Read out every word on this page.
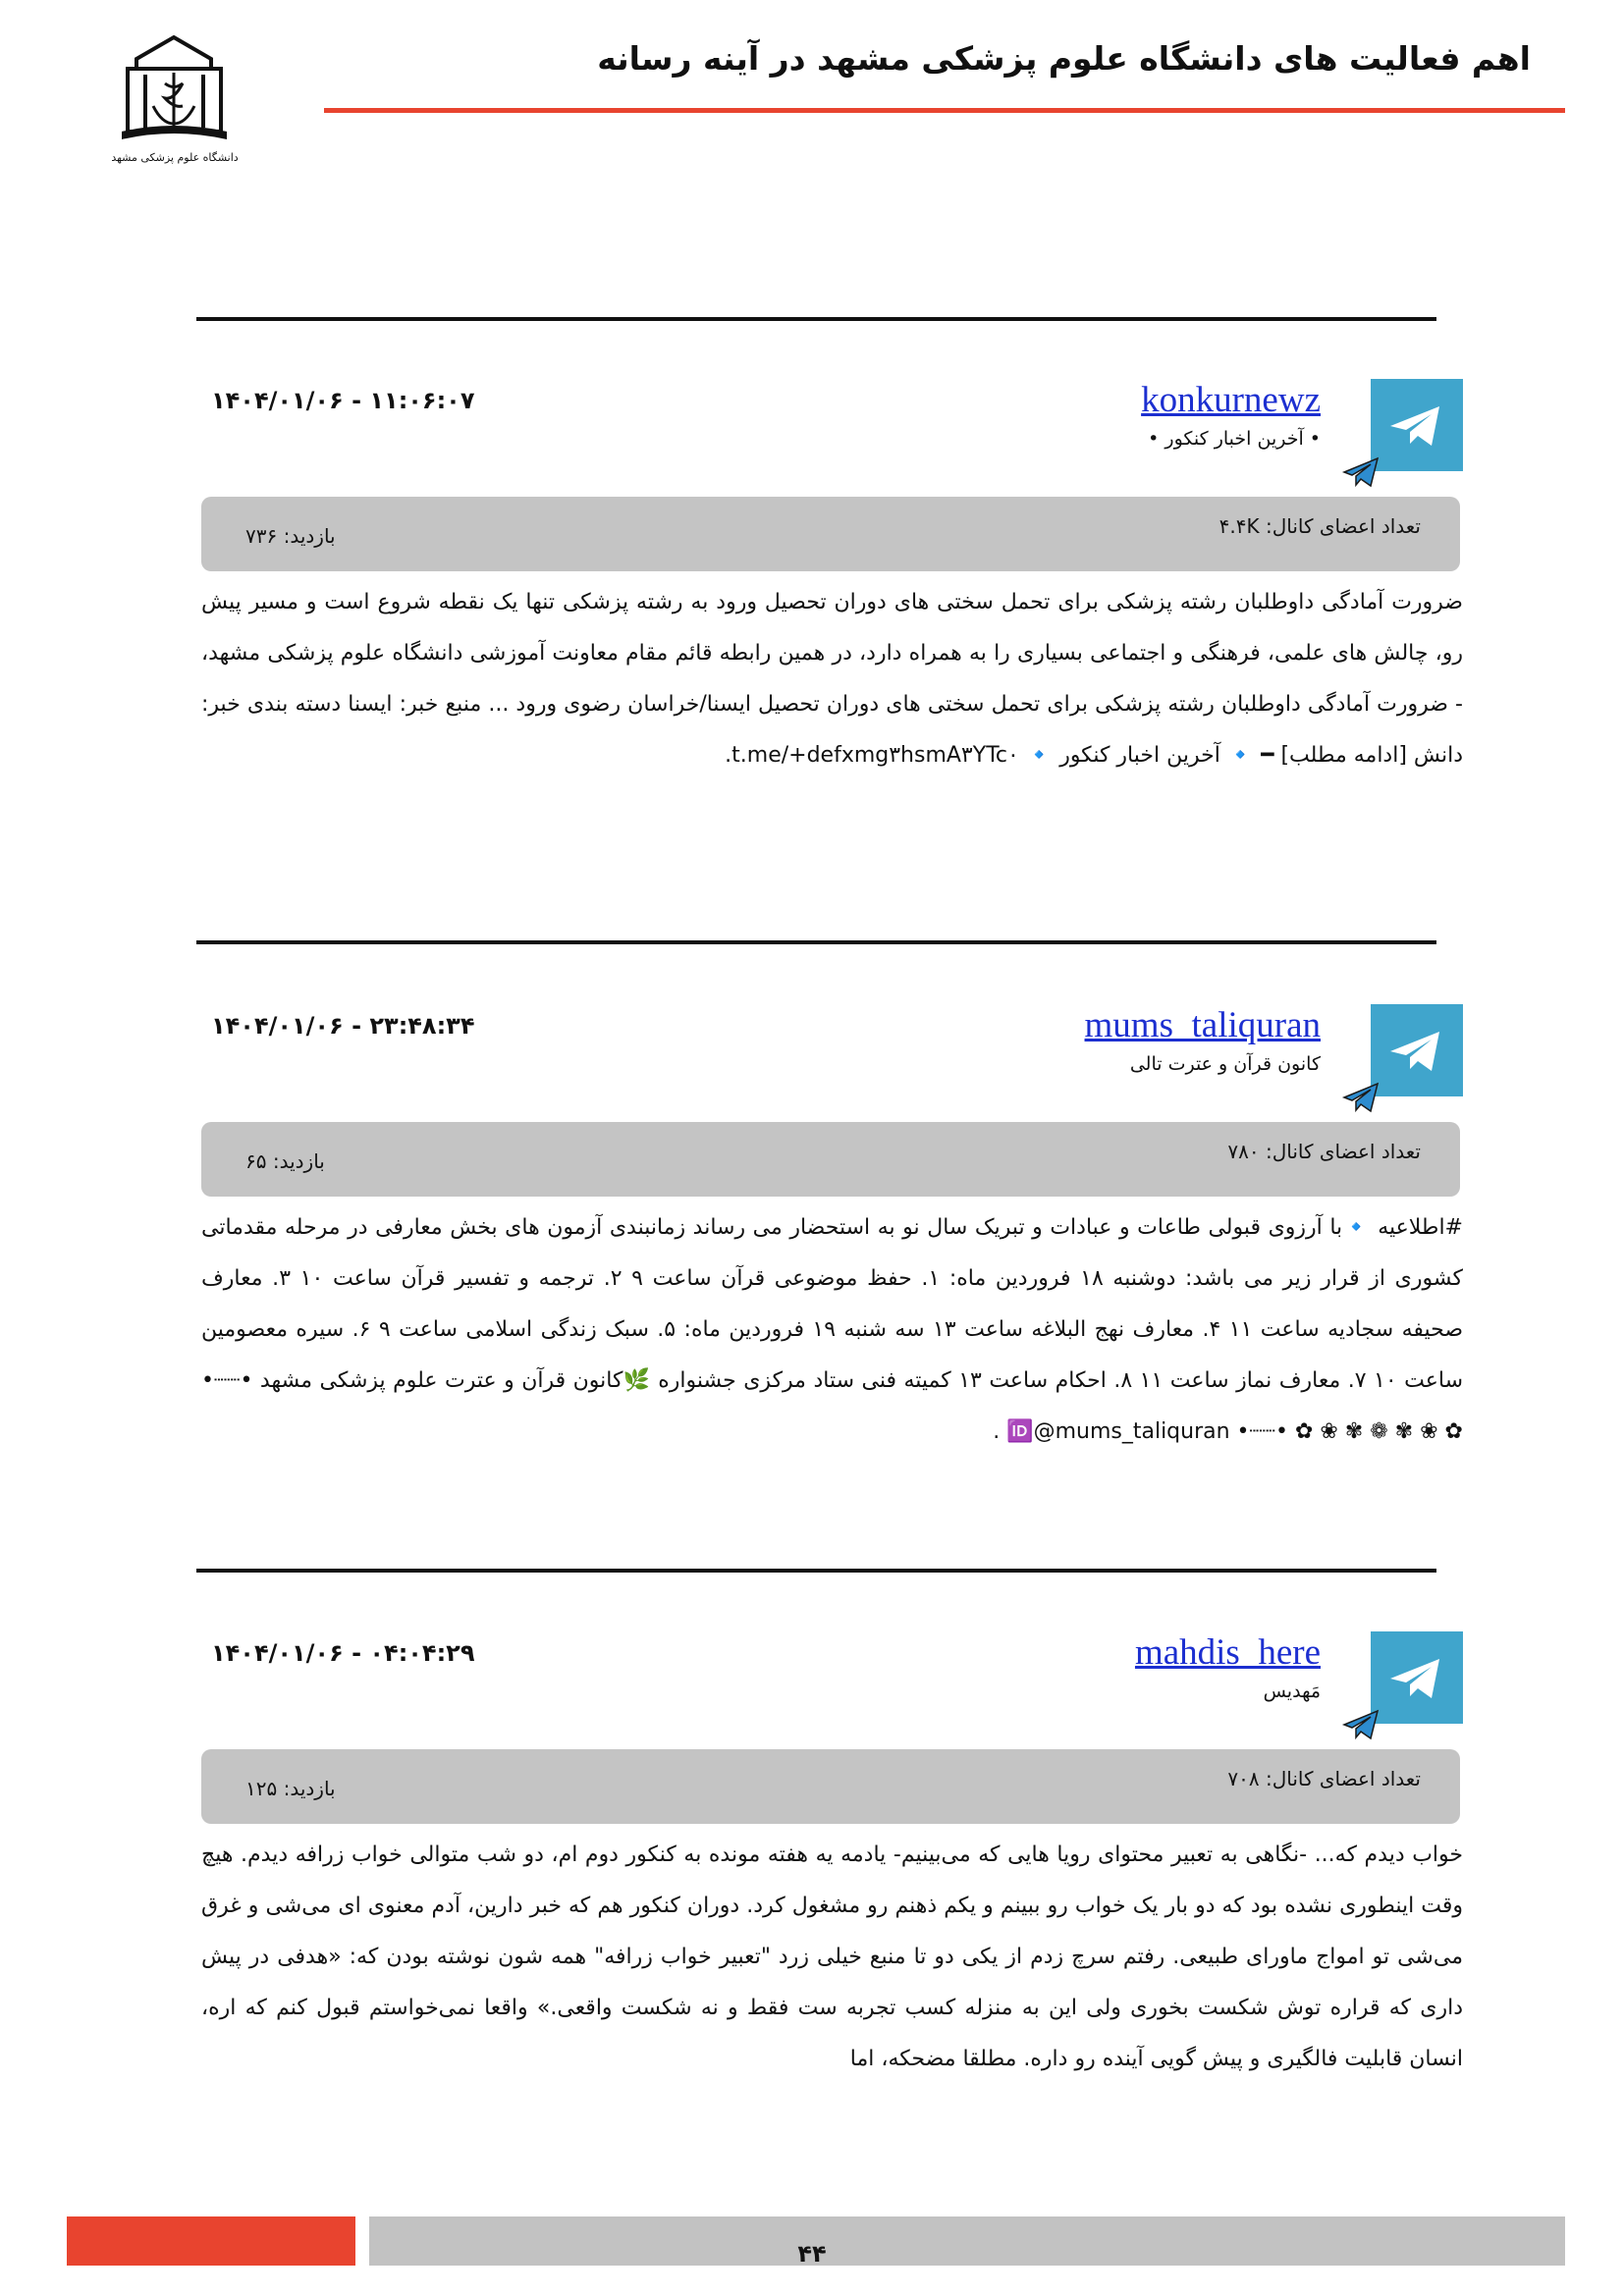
اهم فعالیت های دانشگاه علوم پزشکی مشهد در آینه رسانه
دانشگاه علوم پزشکی مشهد
konkurnewz
• آخرین اخبار کنکور •
۱۴۰۴/۰۱/۰۶ - ۱۱:۰۶:۰۷
تعداد اعضای کانال: ۴.۴K
بازدید: ۷۳۶
ضرورت آمادگی داوطلبان رشته پزشکی برای تحمل سختی های دوران تحصیل ورود به رشته پزشکی تنها یک نقطه شروع است و مسیر پیش رو، چالش های علمی، فرهنگی و اجتماعی بسیاری را به همراه دارد، در همین رابطه قائم مقام معاونت آموزشی دانشگاه علوم پزشکی مشهد، - ضرورت آمادگی داوطلبان رشته پزشکی برای تحمل سختی های دوران تحصیل ایسنا/خراسان رضوی ورود ... منبع خبر: ایسنا دسته بندی خبر: دانش [ادامه مطلب] ━ 🔹 آخرین اخبار کنکور 🔹 t.me/+defxmg۳hsmA۳YTc۰.
mums_taliquran
کانون قرآن و عترت تالی
۱۴۰۴/۰۱/۰۶ - ۲۳:۴۸:۳۴
تعداد اعضای کانال: ۷۸۰
بازدید: ۶۵
#اطلاعیه 🔹با آرزوی قبولی طاعات و عبادات و تبریک سال نو به استحضار می رساند زمانبندی آزمون های بخش معارفی در مرحله مقدماتی کشوری از قرار زیر می باشد: دوشنبه ۱۸ فروردین ماه: ۱. حفظ موضوعی قرآن ساعت ۹ ۲. ترجمه و تفسیر قرآن ساعت ۱۰ ۳. معارف صحیفه سجادیه ساعت ۱۱ ۴. معارف نهج البلاغه ساعت ۱۳ سه شنبه ۱۹ فروردین ماه: ۵. سبک زندگی اسلامی ساعت ۹ ۶. سیره معصومین ساعت ۱۰ ۷. معارف نماز ساعت ۱۱ ۸. احکام ساعت ۱۳ کمیته فنی ستاد مرکزی جشنواره 🌿کانون قرآن و عترت علوم پزشکی مشهد •┈┈• ✿ ❀ ✾ ❁ ✾ ❀ ✿ •┈┈• 🆔@mums_taliquran .
mahdis_here
مَهدیس
۱۴۰۴/۰۱/۰۶ - ۰۴:۰۴:۲۹
تعداد اعضای کانال: ۷۰۸
بازدید: ۱۲۵
خواب دیدم که... -نگاهی به تعبیر محتوای رویا هایی که می‌بینیم- یادمه یه هفته مونده به کنکور دوم ام، دو شب متوالی خواب زرافه دیدم. هیچ وقت اینطوری نشده بود که دو بار یک خواب رو ببینم و یکم ذهنم رو مشغول کرد. دوران کنکور هم که خبر دارین، آدم معنوی ای می‌شی و غرق می‌شی تو امواج ماورای طبیعی. رفتم سرچ زدم از یکی دو تا منبع خیلی زرد "تعبیر خواب زرافه" همه شون نوشته بودن که: «هدفی در پیش داری که قراره توش شکست بخوری ولی این به منزله کسب تجربه ست فقط و نه شکست واقعی.» واقعا نمی‌خواستم قبول کنم که اره، انسان قابلیت فالگیری و پیش گویی آینده رو داره. مطلقا مضحکه، اما
۴۴
